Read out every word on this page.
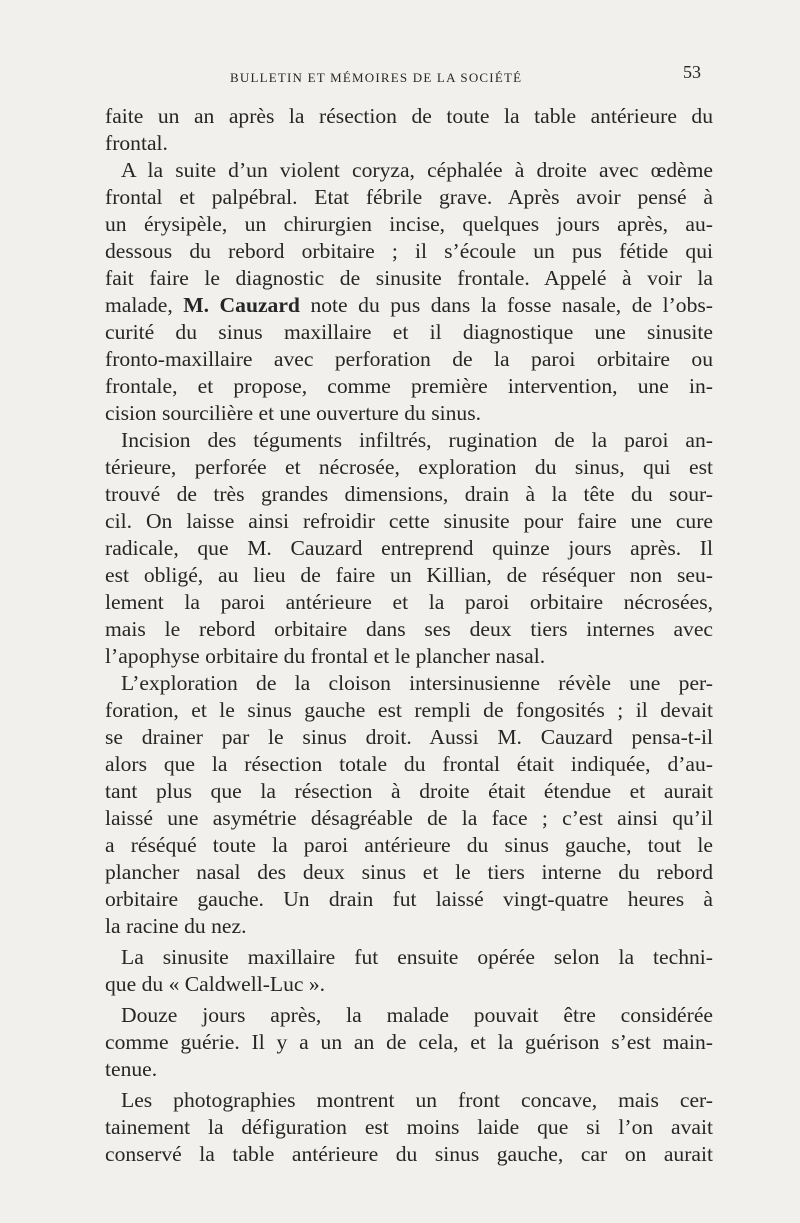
BULLETIN ET MÉMOIRES DE LA SOCIÉTÉ	53
faite un an après la résection de toute la table antérieure du
frontal.
A la suite d’un violent coryza, céphalée à droite avec œdème
frontal et palpébral. Etat fébrile grave. Après avoir pensé à
un érysipèle, un chirurgien incise, quelques jours après, au-
dessous du rebord orbitaire ; il s’écoule un pus fétide qui
fait faire le diagnostic de sinusite frontale. Appelé à voir la
malade, M. Cauzard note du pus dans la fosse nasale, de l’obs-
curité du sinus maxillaire et il diagnostique une sinusite
fronto-maxillaire avec perforation de la paroi orbitaire ou
frontale, et propose, comme première intervention, une in-
cision sourcilière et une ouverture du sinus.
Incision des téguments infiltrés, rugination de la paroi an-
térieure, perforée et nécrosée, exploration du sinus, qui est
trouvé de très grandes dimensions, drain à la tête du sour-
cil. On laisse ainsi refroidir cette sinusite pour faire une cure
radicale, que M. Cauzard entreprend quinze jours après. Il
est obligé, au lieu de faire un Killian, de réséquer non seu-
lement la paroi antérieure et la paroi orbitaire nécrosées,
mais le rebord orbitaire dans ses deux tiers internes avec
l’apophyse orbitaire du frontal et le plancher nasal.
L’exploration de la cloison intersinusienne révèle une per-
foration, et le sinus gauche est rempli de fongosités ; il devait
se drainer par le sinus droit. Aussi M. Cauzard pensa-t-il
alors que la résection totale du frontal était indiquée, d’au-
tant plus que la résection à droite était étendue et aurait
laissé une asymétrie désagréable de la face ; c’est ainsi qu’il
a réséqué toute la paroi antérieure du sinus gauche, tout le
plancher nasal des deux sinus et le tiers interne du rebord
orbitaire gauche. Un drain fut laissé vingt-quatre heures à
la racine du nez.
La sinusite maxillaire fut ensuite opérée selon la techni-
que du « Caldwell-Luc ».
Douze jours après, la malade pouvait être considérée
comme guérie. Il y a un an de cela, et la guérison s’est main-
tenue.
Les photographies montrent un front concave, mais cer-
tainement la défiguration est moins laide que si l’on avait
conservé la table antérieure du sinus gauche, car on aurait
